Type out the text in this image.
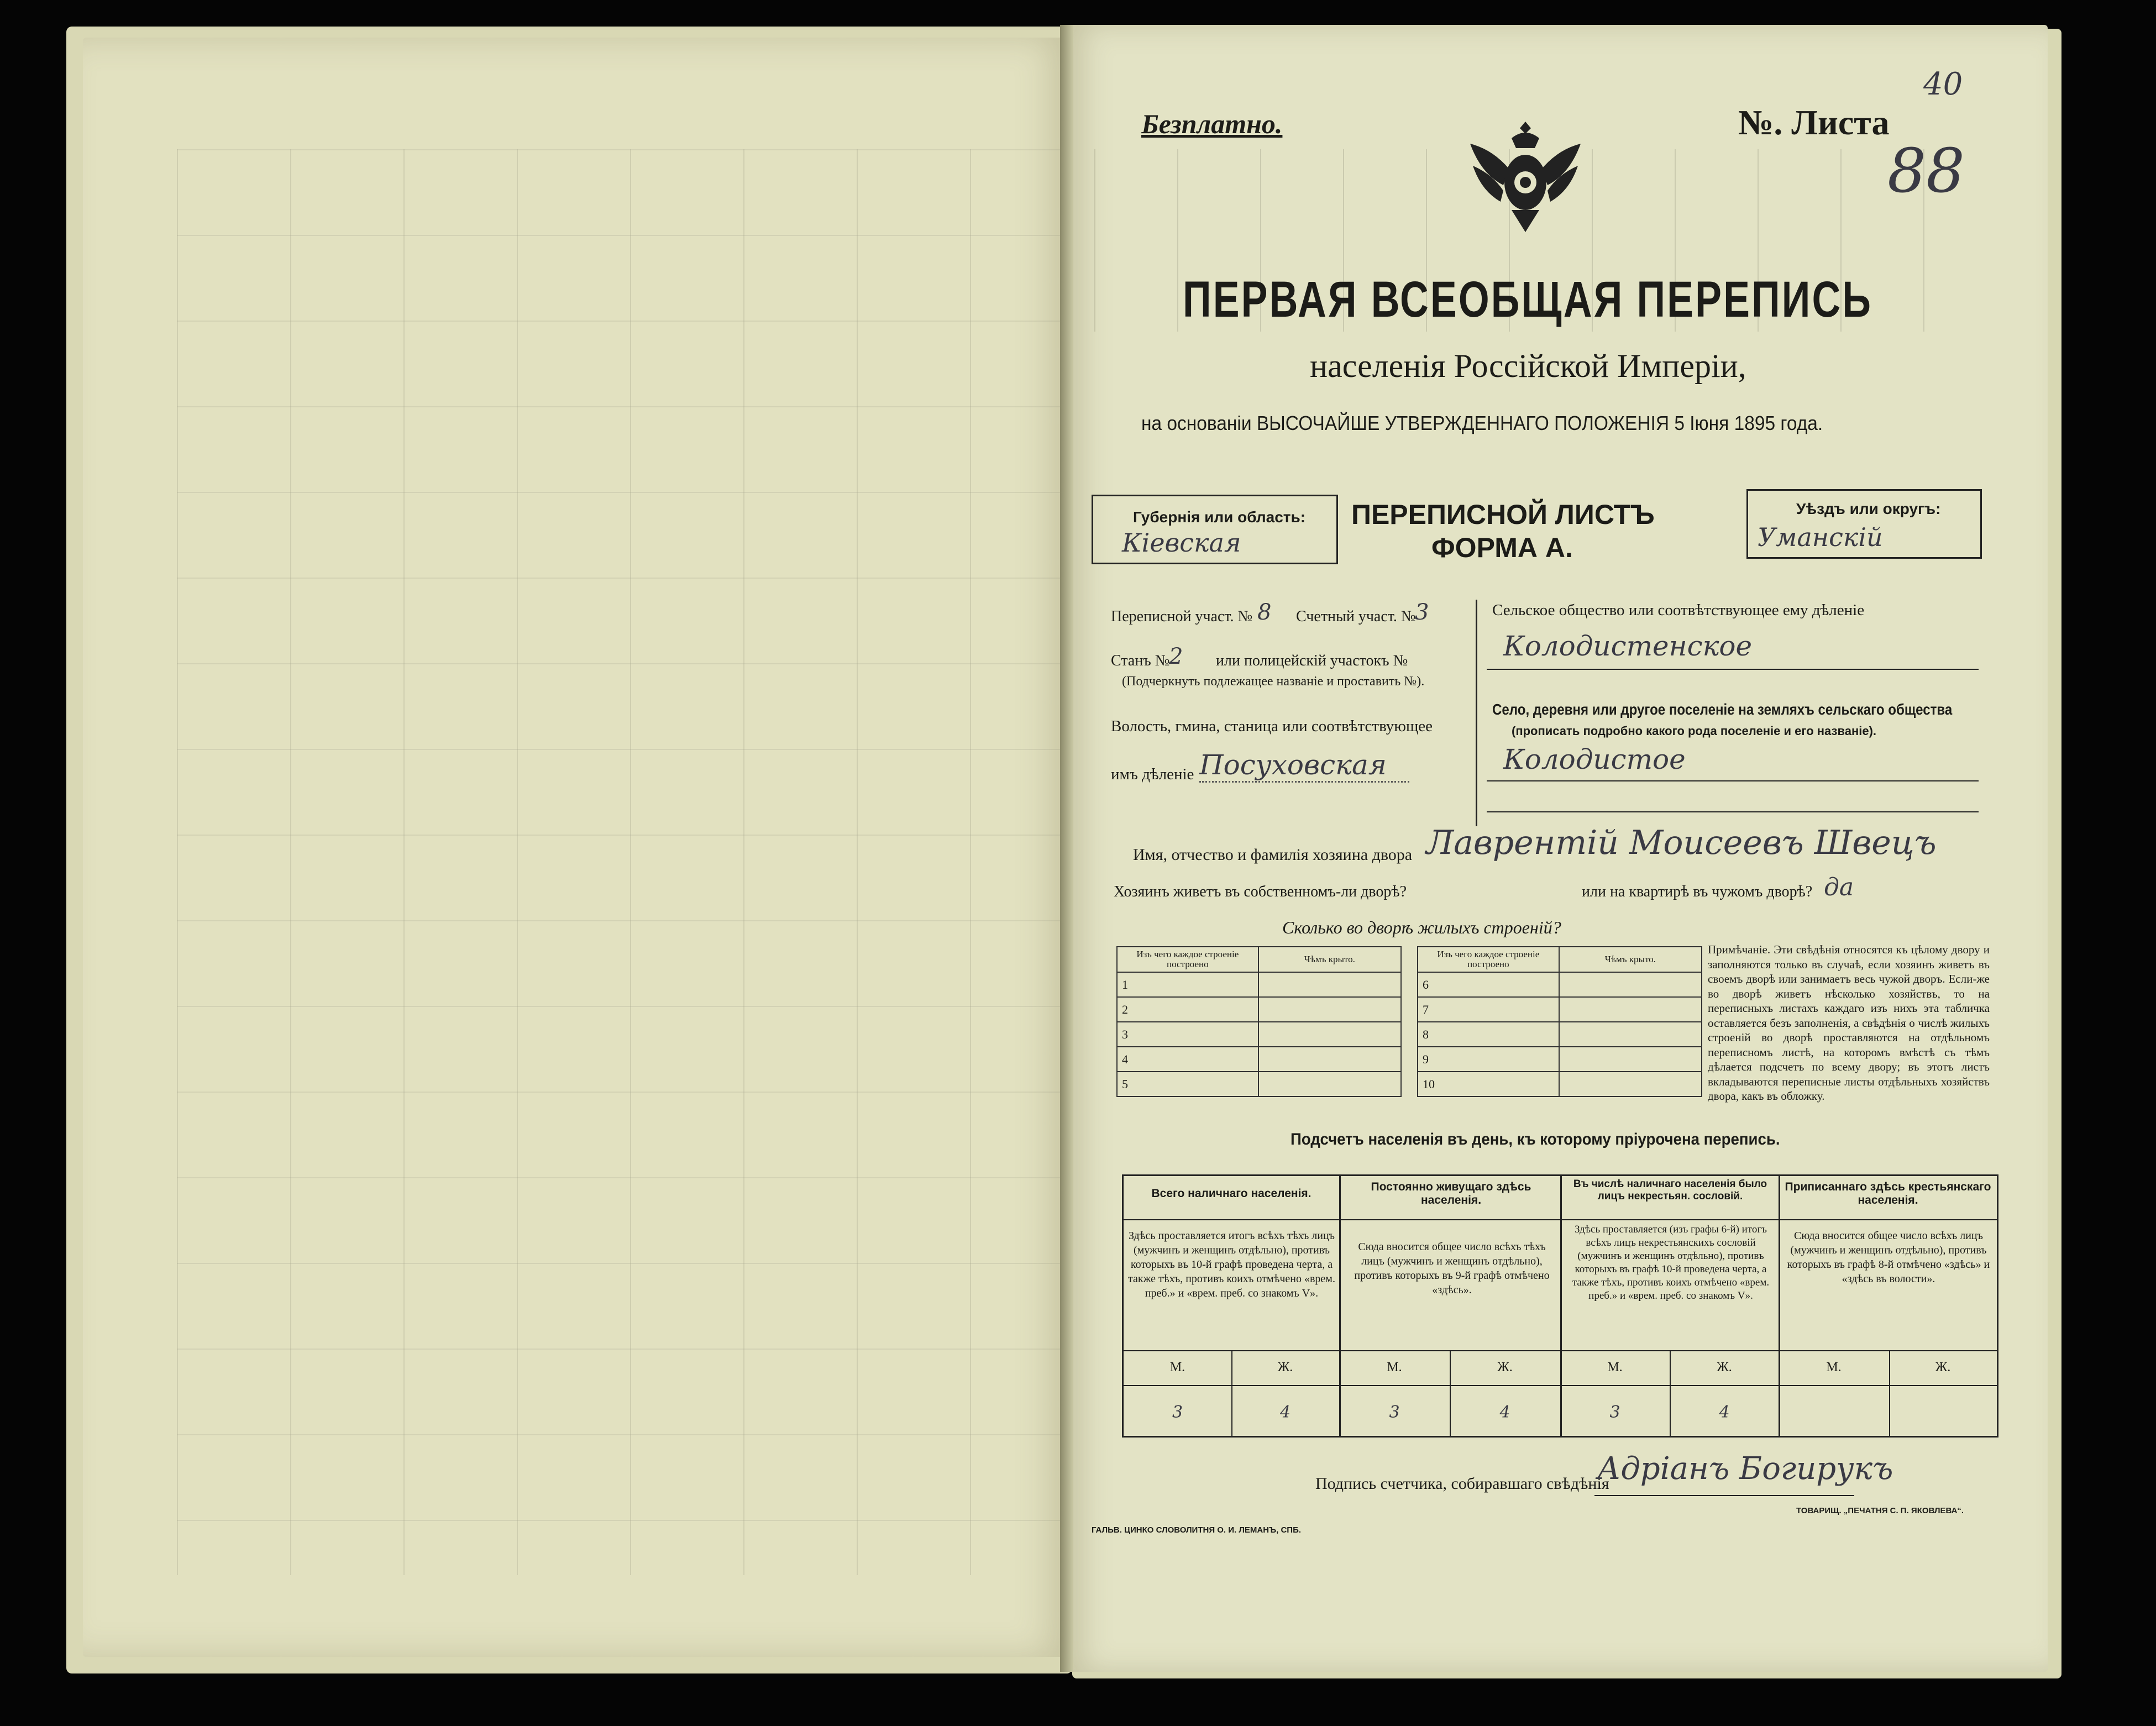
Безплатно.	№. Листа
88
40
ПЕРВАЯ ВСЕОБЩАЯ ПЕРЕПИСЬ
населенія Россійской Имперіи,
на основаніи ВЫСОЧАЙШЕ УТВЕРЖДЕННАГО ПОЛОЖЕНІЯ 5 Іюня 1895 года.
Губернія или область:
Кіевская
ПЕРЕПИСНОЙ ЛИСТЪ
ФОРМА А.
Уѣздъ или округъ:
Уманскій
Переписной участ. № 8 Счетный участ. №
3
Станъ №
2 или полицейскій участокъ №
(Подчеркнуть подлежащее названіе и проставить №).
Волость, гмина, станица или соотвѣтствующее
имъ дѣленіе Посуховская
Сельское общество или соотвѣтствующее ему дѣленіе
Колодистенское
Село, деревня или другое поселеніе на земляхъ сельскаго общества
(прописать подробно какого рода поселеніе и его названіе).
Колодистое
Имя, отчество и фамилія хозяина двора Лаврентій Моисеевъ Швецъ
Хозяинъ живетъ въ собственномъ-ли дворѣ?	или на квартирѣ въ чужомъ дворѣ? да
Сколько во дворѣ жилыхъ строеній?
Изъ чего каждое строеніе построено	Чѣмъ крыто.		Изъ чего каждое строеніе построено	Чѣмъ крыто.
1			6	
2			7	
3			8	
4			9	
5			10	
Примѣчаніе. Эти свѣдѣнія относятся къ цѣлому двору и заполняются только въ случаѣ, если хозяинъ живетъ въ своемъ дворѣ или занимаетъ весь чужой дворъ. Если-же во дворѣ живетъ нѣсколько хозяйствъ, то на переписныхъ листахъ каждаго изъ нихъ эта табличка оставляется безъ заполненія, а свѣдѣнія о числѣ жилыхъ строеній во дворѣ проставляются на отдѣльномъ переписномъ листѣ, на которомъ вмѣстѣ съ тѣмъ дѣлается подсчетъ по всему двору; въ этотъ листъ вкладываются переписные листы отдѣльныхъ хозяйствъ двора, какъ въ обложку.
Подсчетъ населенія въ день, къ которому пріурочена перепись.
Всего наличнаго населенія.
Здѣсь проставляется итогъ всѣхъ тѣхъ лицъ (мужчинъ и женщинъ отдѣльно), противъ которыхъ въ 10-й графѣ проведена черта, а также тѣхъ, противъ коихъ отмѣчено «врем. преб.» и «врем. преб. со знакомъ V».
М.	Ж.
3	4
Постоянно живущаго здѣсь населенія.
Сюда вносится общее число всѣхъ тѣхъ лицъ (мужчинъ и женщинъ отдѣльно), противъ которыхъ въ 9-й графѣ отмѣчено «здѣсь».
М.	Ж.
3	4
Въ числѣ наличнаго населенія было лицъ некрестьян. сословій.
Здѣсь проставляется (изъ графы 6-й) итогъ всѣхъ лицъ некрестьянскихъ сословій (мужчинъ и женщинъ отдѣльно), противъ которыхъ въ графѣ 10-й проведена черта, а также тѣхъ, противъ коихъ отмѣчено «врем. преб.» и «врем. преб. со знакомъ V».
М.	Ж.
3	4
Приписаннаго здѣсь крестьянскаго населенія.
Сюда вносится общее число всѣхъ лицъ (мужчинъ и женщинъ отдѣльно), противъ которыхъ въ графѣ 8-й отмѣчено «здѣсь» и «здѣсь въ волости».
М.	Ж.
Подпись счетчика, собиравшаго свѣдѣнія
Адріанъ Богирукъ
ГАЛЬВ. ЦИНКО СЛОВОЛИТНЯ О. И. ЛЕМАНЪ, СПБ.
ТОВАРИЩ. „ПЕЧАТНЯ С. П. ЯКОВЛЕВА“.
